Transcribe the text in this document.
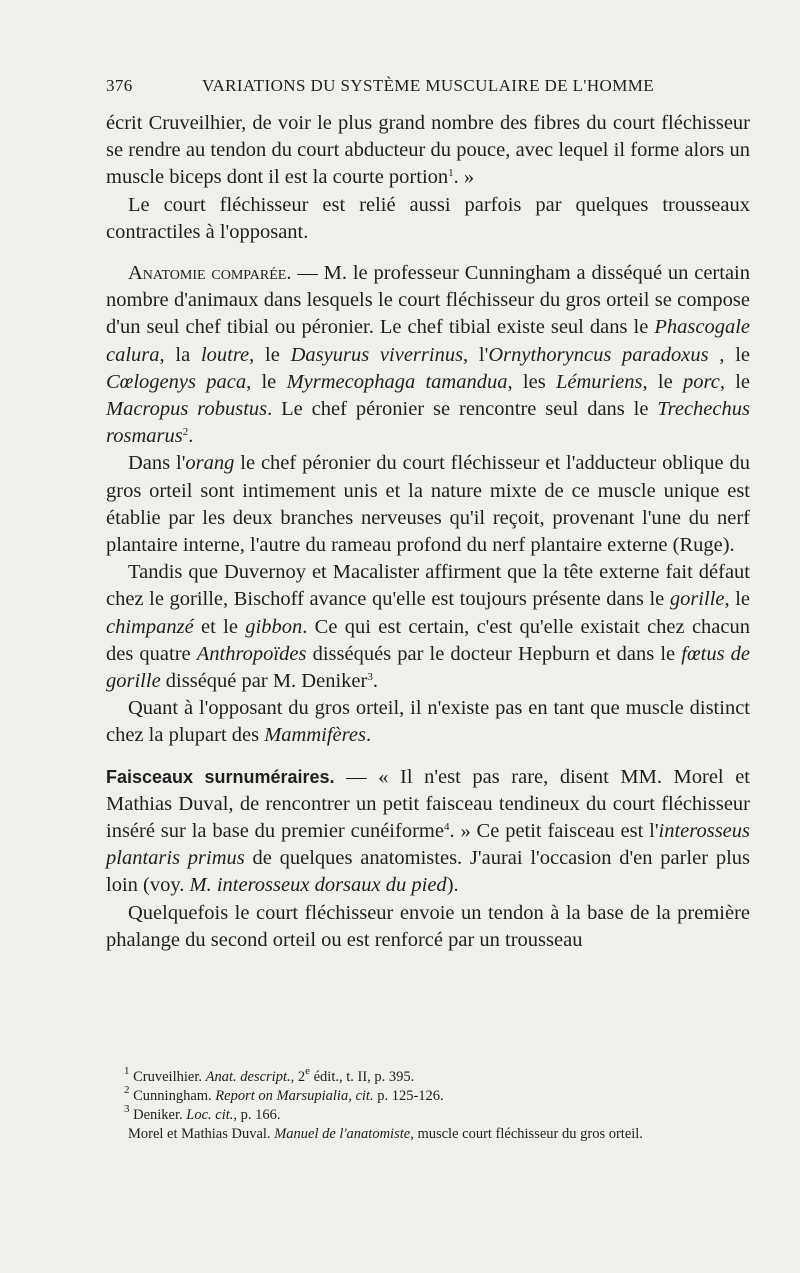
376	VARIATIONS DU SYSTÈME MUSCULAIRE DE L'HOMME

écrit Cruveilhier, de voir le plus grand nombre des fibres du court fléchisseur se rendre au tendon du court abducteur du pouce, avec lequel il forme alors un muscle biceps dont il est la courte portion$^1$. »

Le court fléchisseur est relié aussi parfois par quelques trousseaux contractiles à l'opposant.

Anatomie comparée. — M. le professeur Cunningham a disséqué un certain nombre d'animaux dans lesquels le court fléchisseur du gros orteil se compose d'un seul chef tibial ou péronier. Le chef tibial existe seul dans le Phascogale calura, la loutre, le Dasyurus viverrinus, l'Ornythoryncus paradoxus , le Cœlogenys paca, le Myrmecophaga tamandua, les Lémuriens, le porc, le Macropus robustus. Le chef péronier se rencontre seul dans le Trechechus rosmarus$^2$.

Dans l'orang le chef péronier du court fléchisseur et l'adducteur oblique du gros orteil sont intimement unis et la nature mixte de ce muscle unique est établie par les deux branches nerveuses qu'il reçoit, provenant l'une du nerf plantaire interne, l'autre du rameau profond du nerf plantaire externe (Ruge).

Tandis que Duvernoy et Macalister affirment que la tête externe fait défaut chez le gorille, Bischoff avance qu'elle est toujours présente dans le gorille, le chimpanzé et le gibbon. Ce qui est certain, c'est qu'elle existait chez chacun des quatre Anthropoïdes disséqués par le docteur Hepburn et dans le fœtus de gorille disséqué par M. Deniker$^3$.

Quant à l'opposant du gros orteil, il n'existe pas en tant que muscle distinct chez la plupart des Mammifères.

Faisceaux surnuméraires. — « Il n'est pas rare, disent MM. Morel et Mathias Duval, de rencontrer un petit faisceau tendineux du court fléchisseur inséré sur la base du premier cunéiforme$^4$. » Ce petit faisceau est l'interosseus plantaris primus de quelques anatomistes. J'aurai l'occasion d'en parler plus loin (voy. M. interosseux dorsaux du pied).

Quelquefois le court fléchisseur envoie un tendon à la base de la première phalange du second orteil ou est renforcé par un trousseau

$^1$ Cruveilhier. Anat. descript., 2e édit., t. II, p. 395.

$^2$ Cunningham. Report on Marsupialia, cit. p. 125-126.

$^3$ Deniker. Loc. cit., p. 166.

Morel et Mathias Duval. Manuel de l'anatomiste, muscle court fléchisseur du gros orteil.
